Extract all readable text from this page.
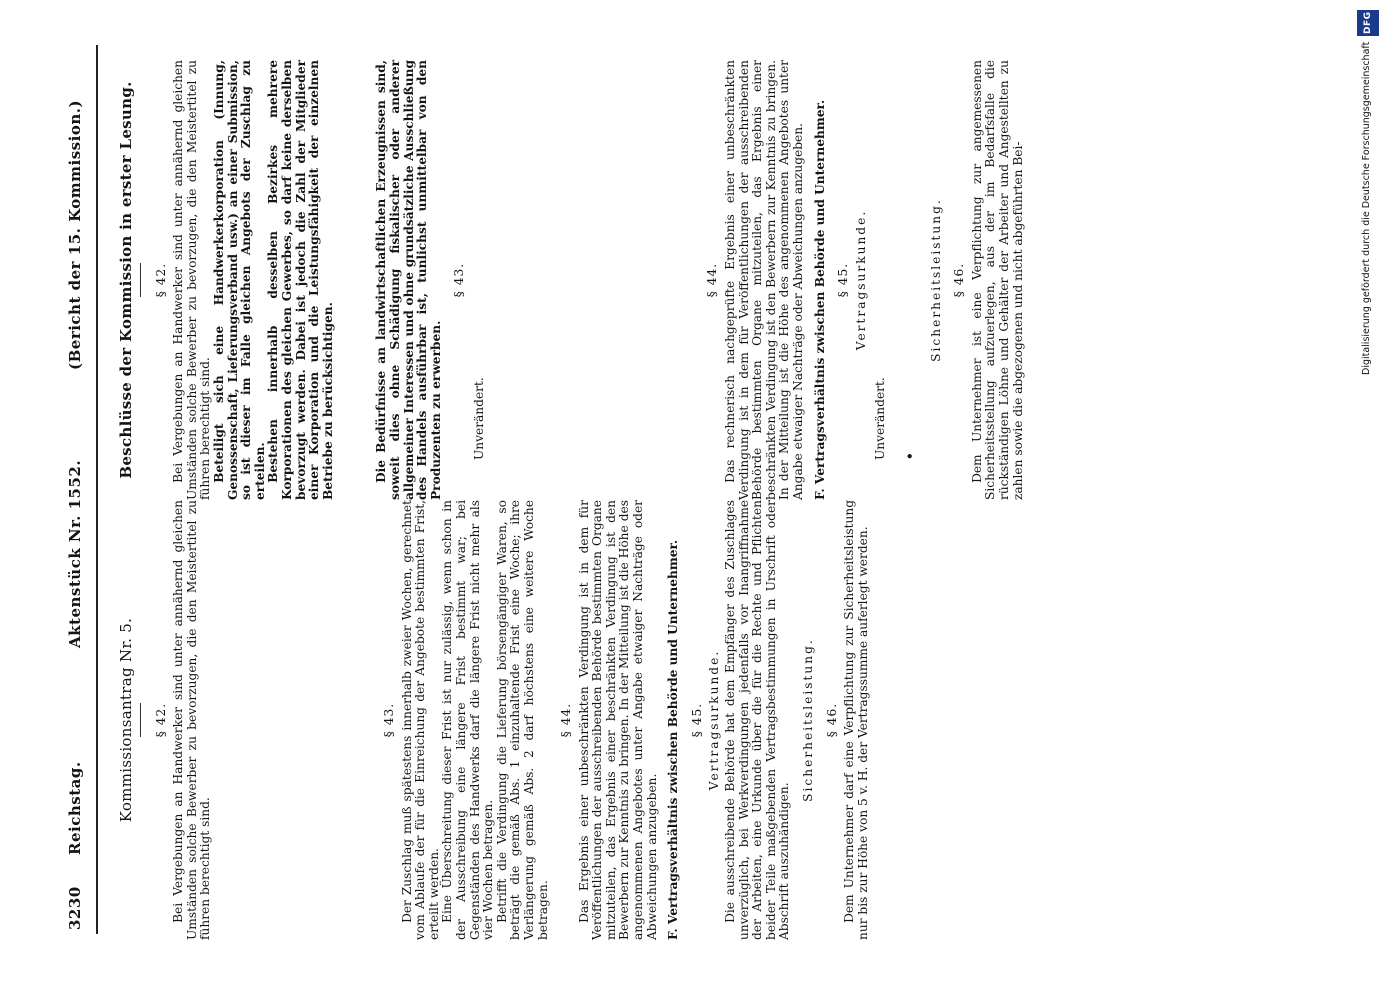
3230
Reichstag.
Aktenstück Nr. 1552.
(Bericht der 15. Kommission.)
Kommissionsantrag Nr. 5. § 42. Bei Vergebungen an Handwerker sind unter annähernd gleichen Umständen solche Bewerber zu bevorzugen, die den Meistertitel zu führen berechtigt sind.

§ 43. Der Zuschlag muß spätestens innerhalb zweier Wochen, gerechnet vom Ablaufe der für die Einreichung der Angebote bestimmten Frist, erteilt werden. Eine Überschreitung dieser Frist ist nur zulässig, wenn schon in der Ausschreibung eine längere Frist bestimmt war; bei Gegenständen des Handwerks darf die längere Frist nicht mehr als vier Wochen betragen. Betrifft die Verdingung die Lieferung börsengängiger Waren, so beträgt die gemäß Abs. 1 einzuhaltende Frist eine Woche; ihre Verlängerung gemäß Abs. 2 darf höchstens eine weitere Woche betragen.

§ 44. Das Ergebnis einer unbeschränkten Verdingung ist in dem für Veröffentlichungen der ausschreibenden Behörde bestimmten Organe mitzuteilen, das Ergebnis einer beschränkten Verdingung ist den Bewerbern zur Kenntnis zu bringen. In der Mitteilung ist die Höhe des angenommenen Angebotes unter Angabe etwaiger Nachträge oder Abweichungen anzugeben. F. Vertragsverhältnis zwischen Behörde und Unternehmer. § 45. Vertragsurkunde. Die ausschreibende Behörde hat dem Empfänger des Zuschlages unverzüglich, bei Werkverdingungen jedenfalls vor Inangriffnahme der Arbeiten, eine Urkunde über die für die Rechte und Pflichten beider Teile maßgebenden Vertragsbestimmungen in Urschrift oder Abschrift auszuhändigen.

Sicherheitsleistung. § 46. Dem Unternehmer darf eine Verpflichtung zur Sicherheitsleistung nur bis zur Höhe von 5 v. H. der Vertragssumme auferlegt werden.

Beschlüsse der Kommission in erster Lesung. § 42. Bei Vergebungen an Handwerker sind unter annähernd gleichen Umständen solche Bewerber zu bevorzugen, die den Meistertitel zu führen berechtigt sind. Beteiligt sich eine Handwerkerkorporation (Innung, Genossenschaft, Lieferungsverband usw.) an einer Submission, so ist dieser im Falle gleichen Angebots der Zuschlag zu erteilen. Bestehen innerhalb desselben Bezirkes mehrere Korporationen des gleichen Gewerbes, so darf keine derselben bevorzugt werden. Dabei ist jedoch die Zahl der Mitglieder einer Korporation und die Leistungsfähigkeit der einzelnen Betriebe zu berücksichtigen.	Die Bedürfnisse an landwirtschaftlichen Erzeugnissen sind, soweit dies ohne Schädigung fiskalischer oder anderer allgemeiner Interessen und ohne grundsätzliche Ausschließung des Handels ausführbar ist, tunlichst unmittelbar von den Produzenten zu erwerben.

§ 43.
Unverändert.
§ 44. Das rechnerisch nachgeprüfte Ergebnis einer unbeschränkten Verdingung ist in dem für Veröffentlichungen der ausschreibenden Behörde bestimmten Organe mitzuteilen, das Ergebnis einer beschränkten Verdingung ist den Bewerbern zur Kenntnis zu bringen. In der Mitteilung ist die Höhe des angenommenen Angebotes unter Angabe etwaiger Nachträge oder Abweichungen anzugeben. F. Vertragsverhältnis zwischen Behörde und Unternehmer. § 45. Vertragsurkunde.
Unverändert. •
Sicherheitsleistung. § 46. Dem Unternehmer ist eine Verpflichtung zur angemessenen Sicherheitsstellung aufzuerlegen, aus der im Bedarfsfalle die rückständigen Löhne und Gehälter der Arbeiter und Angestellten zu zahlen sowie die abgezogenen und nicht abgeführten Bei-

DFG
Digitalisierung gefördert durch die Deutsche Forschungsgemeinschaft
